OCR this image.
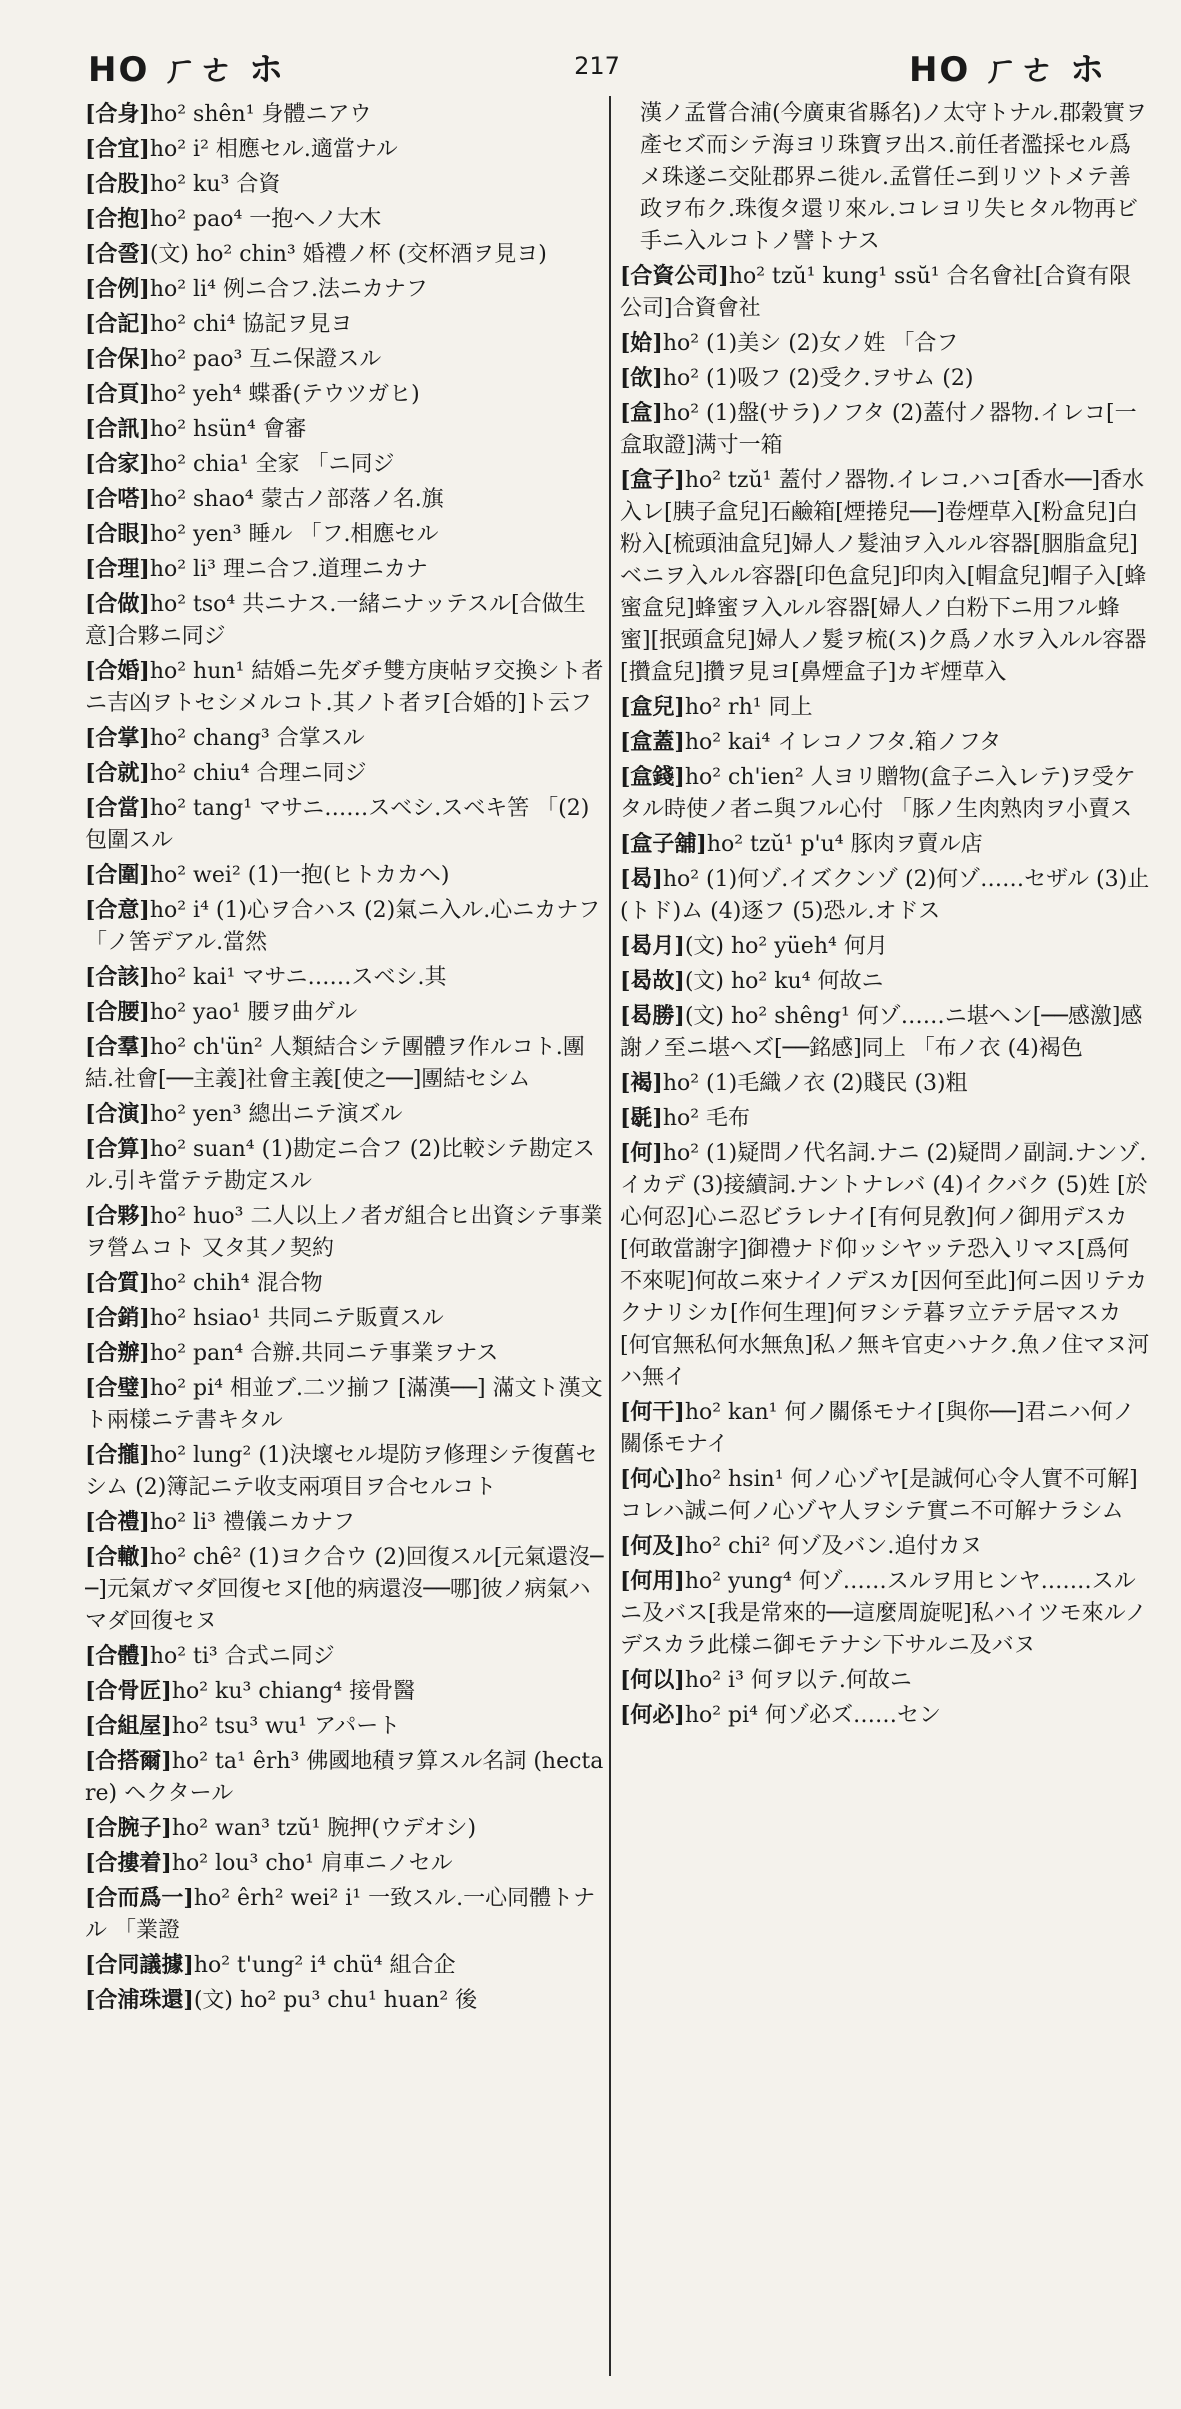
HO ㄏㄜ ホ	217	HO ㄏㄜ ホ
[合身]ho² shên¹ 身體ニアウ
[合宜]ho² i² 相應セル.適當ナル
[合股]ho² ku³ 合資
[合抱]ho² pao⁴ 一抱ヘノ大木
[合巹](文) ho² chin³ 婚禮ノ杯 (交杯酒ヲ見ヨ)
[合例]ho² li⁴ 例ニ合フ.法ニカナフ
[合記]ho² chi⁴ 協記ヲ見ヨ
[合保]ho² pao³ 互ニ保證スル
[合頁]ho² yeh⁴ 蝶番(テウツガヒ)
[合訊]ho² hsün⁴ 會審
[合家]ho² chia¹ 全家 「ニ同ジ
[合嗒]ho² shao⁴ 蒙古ノ部落ノ名.旗
[合眼]ho² yen³ 睡ル 「フ.相應セル
[合理]ho² li³ 理ニ合フ.道理ニカナ
[合做]ho² tso⁴ 共ニナス.一緒ニナッテスル[合做生意]合夥ニ同ジ
[合婚]ho² hun¹ 結婚ニ先ダチ雙方庚帖ヲ交換シト者ニ吉凶ヲトセシメルコト.其ノト者ヲ[合婚的]ト云フ
[合掌]ho² chang³ 合掌スル
[合就]ho² chiu⁴ 合理ニ同ジ
[合當]ho² tang¹ マサニ……スベシ.スベキ筈 「(2)包圍スル
[合圍]ho² wei² (1)一抱(ヒトカカヘ)
[合意]ho² i⁴ (1)心ヲ合ハス (2)氣ニ入ル.心ニカナフ 「ノ筈デアル.當然
[合該]ho² kai¹ マサニ……スベシ.其
[合腰]ho² yao¹ 腰ヲ曲ゲル
[合羣]ho² ch'ün² 人類結合シテ團體ヲ作ルコト.團結.社會[──主義]社會主義[使之──]團結セシム
[合演]ho² yen³ 總出ニテ演ズル
[合算]ho² suan⁴ (1)勘定ニ合フ (2)比較シテ勘定スル.引キ當テテ勘定スル
[合夥]ho² huo³ 二人以上ノ者ガ組合ヒ出資シテ事業ヲ營ムコト 又タ其ノ契約
[合質]ho² chih⁴ 混合物
[合銷]ho² hsiao¹ 共同ニテ販賣スル
[合辦]ho² pan⁴ 合辦.共同ニテ事業ヲナス
[合璧]ho² pi⁴ 相並ブ.二ツ揃フ [滿漢──] 滿文ト漢文ト兩樣ニテ書キタル
[合攏]ho² lung² (1)決壞セル堤防ヲ修理シテ復舊セシム (2)簿記ニテ收支兩項目ヲ合セルコト
[合禮]ho² li³ 禮儀ニカナフ
[合轍]ho² chê² (1)ヨク合ウ (2)回復スル[元氣還沒──]元氣ガマダ回復セヌ[他的病還沒──哪]彼ノ病氣ハマダ回復セヌ
[合體]ho² ti³ 合式ニ同ジ
[合骨匠]ho² ku³ chiang⁴ 接骨醫
[合組屋]ho² tsu³ wu¹ アパート
[合搭爾]ho² ta¹ êrh³ 佛國地積ヲ算スル名詞 (hectare) ヘクタール
[合腕子]ho² wan³ tzŭ¹ 腕押(ウデオシ)
[合摟着]ho² lou³ cho¹ 肩車ニノセル
[合而爲一]ho² êrh² wei² i¹ 一致スル.一心同體トナル 「業證
[合同議據]ho² t'ung² i⁴ chü⁴ 組合企
[合浦珠還](文) ho² pu³ chu¹ huan² 後
漢ノ孟嘗合浦(今廣東省縣名)ノ太守トナル.郡穀實ヲ產セズ而シテ海ヨリ珠寶ヲ出ス.前任者濫採セル爲メ珠遂ニ交阯郡界ニ徙ル.孟嘗任ニ到リツトメテ善政ヲ布ク.珠復タ還リ來ル.コレヨリ失ヒタル物再ビ手ニ入ルコトノ譬トナス
[合資公司]ho² tzŭ¹ kung¹ ssŭ¹ 合名會社[合資有限公司]合資會社
[姶]ho² (1)美シ (2)女ノ姓 「合フ
[欱]ho² (1)吸フ (2)受ク.ヲサム (2)
[盒]ho² (1)盤(サラ)ノフタ (2)蓋付ノ器物.イレコ[一盒取證]满寸一箱
[盒子]ho² tzŭ¹ 蓋付ノ器物.イレコ.ハコ[香水──]香水入レ[胰子盒兒]石鹼箱[煙捲兒──]卷煙草入[粉盒兒]白粉入[梳頭油盒兒]婦人ノ髮油ヲ入ルル容器[胭脂盒兒]ベニヲ入ルル容器[印色盒兒]印肉入[帽盒兒]帽子入[蜂蜜盒兒]蜂蜜ヲ入ルル容器[婦人ノ白粉下ニ用フル蜂蜜][抿頭盒兒]婦人ノ髮ヲ梳(ス)ク爲ノ水ヲ入ルル容器[攢盒兒]攢ヲ見ヨ[鼻煙盒子]カギ煙草入
[盒兒]ho² rh¹ 同上
[盒蓋]ho² kai⁴ イレコノフタ.箱ノフタ
[盒錢]ho² ch'ien² 人ヨリ贈物(盒子ニ入レテ)ヲ受ケタル時使ノ者ニ與フル心付 「豚ノ生肉熟肉ヲ小賣ス
[盒子舖]ho² tzŭ¹ p'u⁴ 豚肉ヲ賣ル店
[曷]ho² (1)何ゾ.イズクンゾ (2)何ゾ……セザル (3)止(トド)ム (4)逐フ (5)恐ル.オドス
[曷月](文) ho² yüeh⁴ 何月
[曷故](文) ho² ku⁴ 何故ニ
[曷勝](文) ho² shêng¹ 何ゾ……ニ堪ヘン[──感激]感謝ノ至ニ堪ヘズ[──銘感]同上 「布ノ衣 (4)褐色
[褐]ho² (1)毛織ノ衣 (2)賤民 (3)粗
[毼]ho² 毛布
[何]ho² (1)疑問ノ代名詞.ナニ (2)疑問ノ副詞.ナンゾ.イカデ (3)接續詞.ナントナレバ (4)イクバク (5)姓 [於心何忍]心ニ忍ビラレナイ[有何見敎]何ノ御用デスカ[何敢當謝字]御禮ナド仰ッシヤッテ恐入リマス[爲何不來呢]何故ニ來ナイノデスカ[因何至此]何ニ因リテカクナリシカ[作何生理]何ヲシテ暮ヲ立テテ居マスカ[何官無私何水無魚]私ノ無キ官吏ハナク.魚ノ住マヌ河ハ無イ
[何干]ho² kan¹ 何ノ關係モナイ[與你──]君ニハ何ノ關係モナイ
[何心]ho² hsin¹ 何ノ心ゾヤ[是誠何心令人實不可解]コレハ誠ニ何ノ心ゾヤ人ヲシテ實ニ不可解ナラシム
[何及]ho² chi² 何ゾ及バン.追付カヌ
[何用]ho² yung⁴ 何ゾ……スルヲ用ヒンヤ.……スルニ及バス[我是常來的──這麼周旋呢]私ハイツモ來ルノデスカラ此樣ニ御モテナシ下サルニ及バヌ
[何以]ho² i³ 何ヲ以テ.何故ニ
[何必]ho² pi⁴ 何ゾ必ズ……セン
